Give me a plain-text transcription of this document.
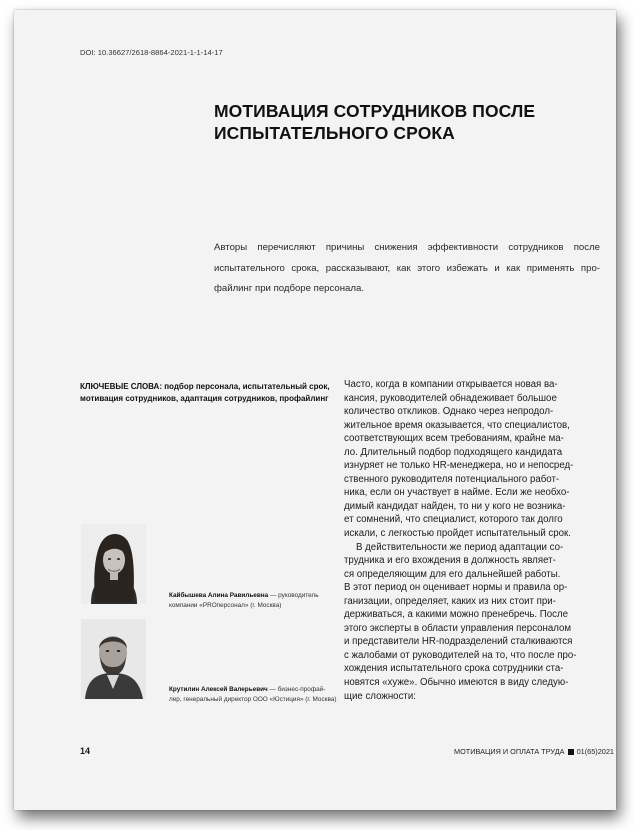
DOI: 10.36627/2618-8864-2021-1-1-14-17
МОТИВАЦИЯ СОТРУДНИКОВ ПОСЛЕ
ИСПЫТАТЕЛЬНОГО СРОКА
Авторы перечисляют причины снижения эффективности сотрудников после
испытательного срока, рассказывают, как этого избежать и как применять про-
файлинг при подборе персонала.
КЛЮЧЕВЫЕ СЛОВА: подбор персонала, испытательный срок,
мотивация сотрудников, адаптация сотрудников, профайлинг
Часто, когда в компании открывается новая ва-
кансия, руководителей обнадеживает большое
количество откликов. Однако через непродол-
жительное время оказывается, что специалистов,
соответствующих всем требованиям, крайне ма-
ло. Длительный подбор подходящего кандидата
изнуряет не только HR-менеджера, но и непосред-
ственного руководителя потенциального работ-
ника, если он участвует в найме. Если же необхо-
димый кандидат найден, то ни у кого не возника-
ет сомнений, что специалист, которого так долго
искали, с легкостью пройдет испытательный срок.
В действительности же период адаптации со-
трудника и его вхождения в должность являет-
ся определяющим для его дальнейшей работы.
В этот период он оценивает нормы и правила ор-
ганизации, определяет, каких из них стоит при-
держиваться, а какими можно пренебречь. После
этого эксперты в области управления персоналом
и представители HR-подразделений сталкиваются
с жалобами от руководителей на то, что после про-
хождения испытательного срока сотрудники ста-
новятся «хуже». Обычно имеются в виду следую-
щие сложности:
Кайбышева Алина Равильевна — руководитель
компании «PROперсонал» (г. Москва)
Крутилин Алексей Валерьевич — бизнес-профай-
лер, генеральный директор ООО «Юстиция» (г. Москва)
14	МОТИВАЦИЯ И ОПЛАТА ТРУДА 01(65)2021
